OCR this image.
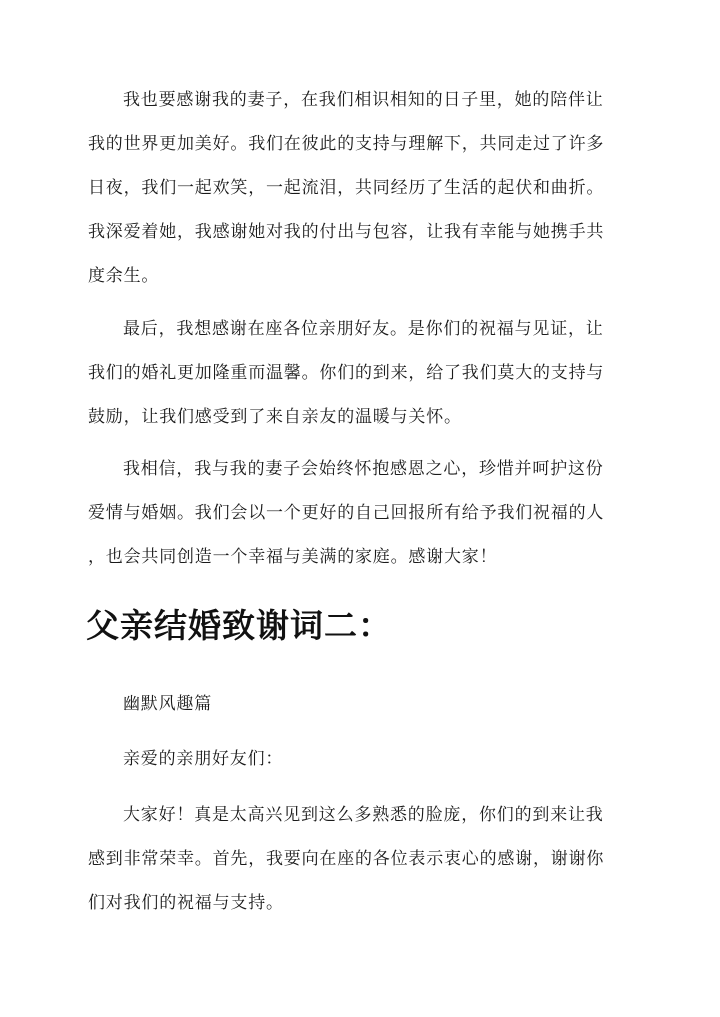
我也要感谢我的妻子，在我们相识相知的日子里，她的陪伴让
我的世界更加美好。我们在彼此的支持与理解下，共同走过了许多
日夜，我们一起欢笑，一起流泪，共同经历了生活的起伏和曲折。
我深爱着她，我感谢她对我的付出与包容，让我有幸能与她携手共
度余生。
最后，我想感谢在座各位亲朋好友。是你们的祝福与见证，让
我们的婚礼更加隆重而温馨。你们的到来，给了我们莫大的支持与
鼓励，让我们感受到了来自亲友的温暖与关怀。
我相信，我与我的妻子会始终怀抱感恩之心，珍惜并呵护这份
爱情与婚姻。我们会以一个更好的自己回报所有给予我们祝福的人
，也会共同创造一个幸福与美满的家庭。感谢大家！
父亲结婚致谢词二：
幽默风趣篇
亲爱的亲朋好友们：
大家好！真是太高兴见到这么多熟悉的脸庞，你们的到来让我
感到非常荣幸。首先，我要向在座的各位表示衷心的感谢，谢谢你
们对我们的祝福与支持。
